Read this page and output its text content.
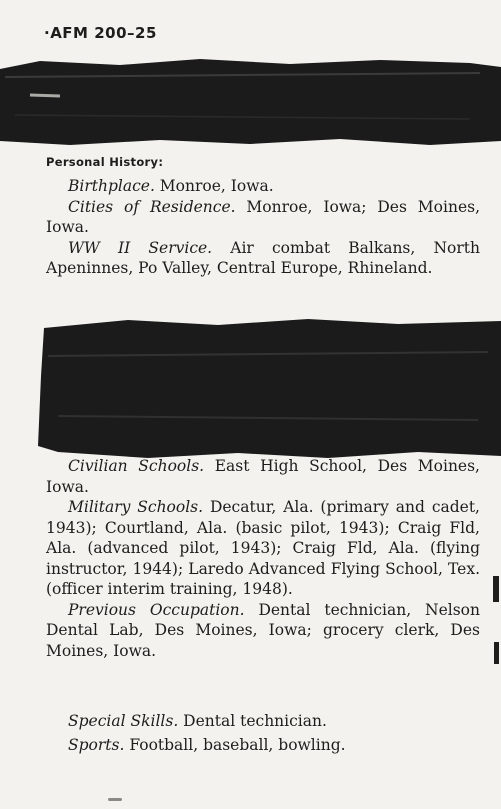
·AFM 200–25
Personal History:

Birthplace. Monroe, Iowa.

Cities of Residence. Monroe, Iowa; Des Moines, Iowa.

WW II Service. Air combat Balkans, North Apeninnes, Po Valley, Central Europe, Rhineland.

Civilian Schools. East High School, Des Moines, Iowa.

Military Schools. Decatur, Ala. (primary and cadet, 1943); Courtland, Ala. (basic pilot, 1943); Craig Fld, Ala. (advanced pilot, 1943); Craig Fld, Ala. (flying instructor, 1944); Laredo Advanced Flying School, Tex. (officer interim training, 1948).

Previous Occupation. Dental technician, Nelson Dental Lab, Des Moines, Iowa; grocery clerk, Des Moines, Iowa.

Special Skills. Dental technician.

Sports. Football, baseball, bowling.
